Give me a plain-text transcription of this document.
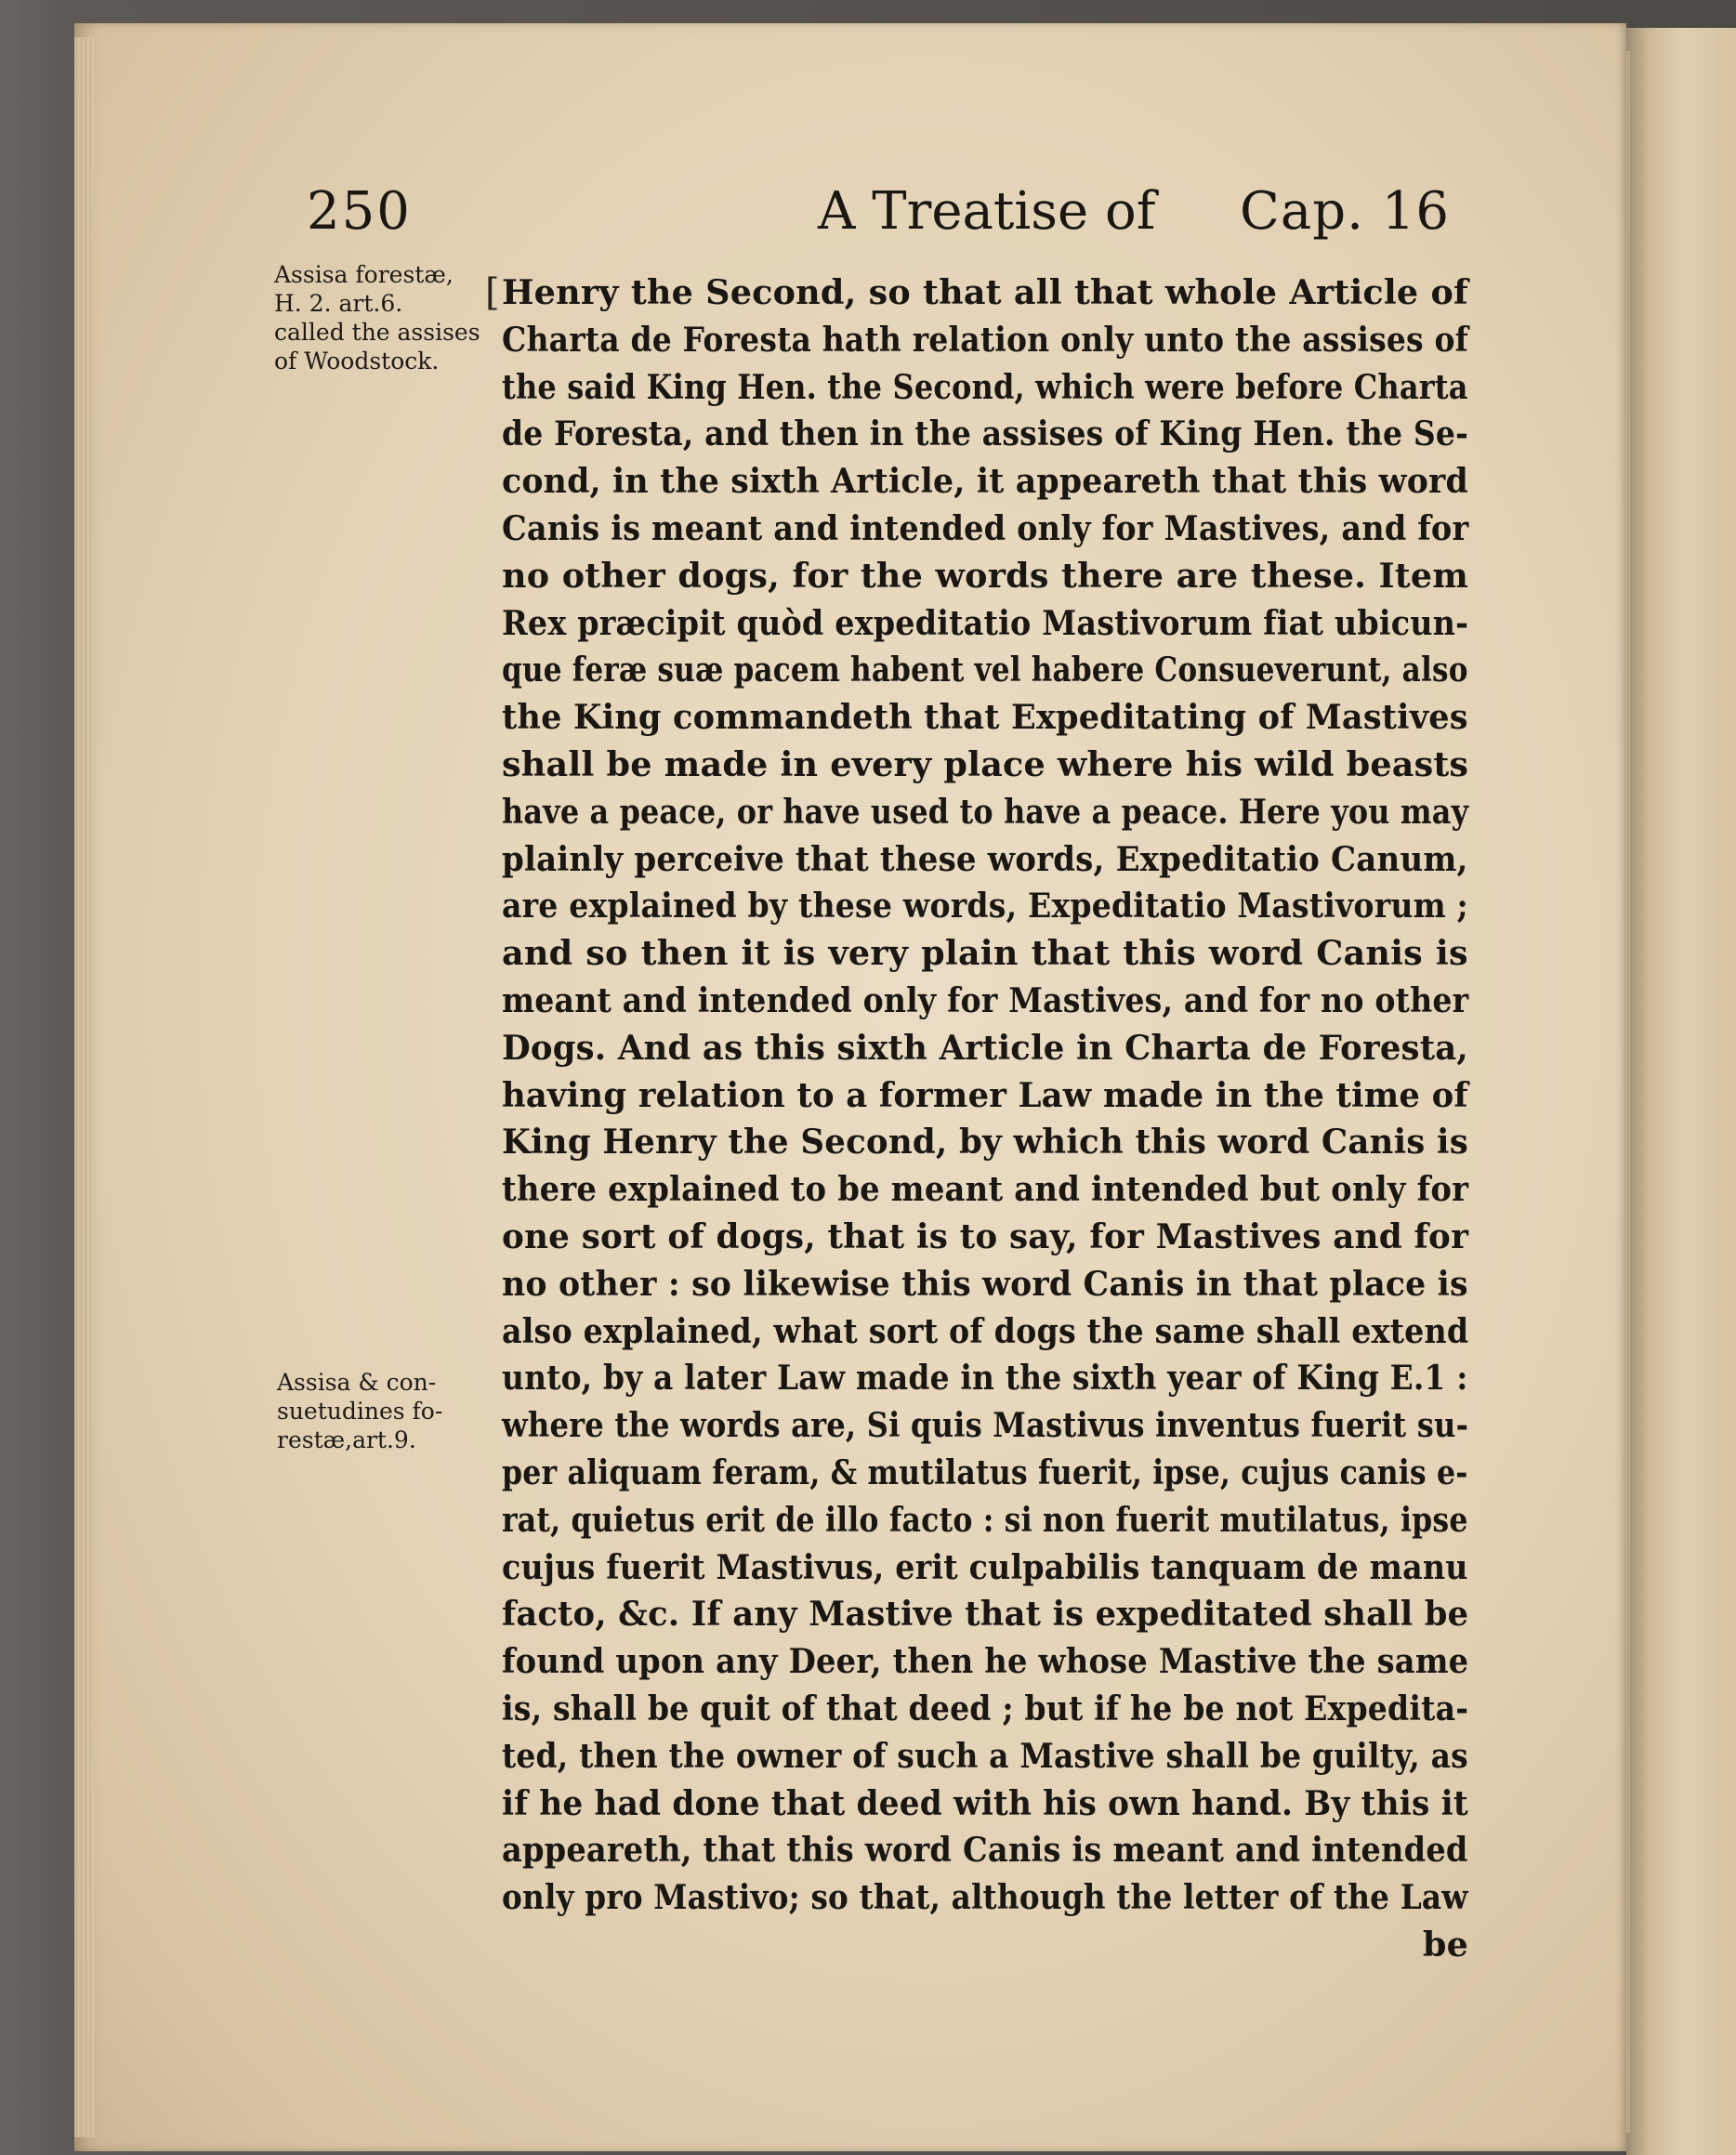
250	A Treatise of Cap. 16
Assisa forestæ,
H. 2. art.6.
called the assises
of Woodstock.
Assisa & con-
suetudines fo-
restæ,art.9.
[ Henry the Second, so that all that whole Article of
Charta de Foresta hath relation only unto the assises of
the said King Hen. the Second, which were before Charta
de Foresta, and then in the assises of King Hen. the Se-
cond, in the sixth Article, it appeareth that this word
Canis is meant and intended only for Mastives, and for
no other dogs, for the words there are these. Item
Rex præcipit quòd expeditatio Mastivorum fiat ubicun-
que feræ suæ pacem habent vel habere Consueverunt, also
the King commandeth that Expeditating of Mastives
shall be made in every place where his wild beasts
have a peace, or have used to have a peace. Here you may
plainly perceive that these words, Expeditatio Canum,
are explained by these words, Expeditatio Mastivorum ;
and so then it is very plain that this word Canis is
meant and intended only for Mastives, and for no other
Dogs. And as this sixth Article in Charta de Foresta,
having relation to a former Law made in the time of
King Henry the Second, by which this word Canis is
there explained to be meant and intended but only for
one sort of dogs, that is to say, for Mastives and for
no other : so likewise this word Canis in that place is
also explained, what sort of dogs the same shall extend
unto, by a later Law made in the sixth year of King E.1 :
where the words are, Si quis Mastivus inventus fuerit su-
per aliquam feram, & mutilatus fuerit, ipse, cujus canis e-
rat, quietus erit de illo facto : si non fuerit mutilatus, ipse
cujus fuerit Mastivus, erit culpabilis tanquam de manu
facto, &c. If any Mastive that is expeditated shall be
found upon any Deer, then he whose Mastive the same
is, shall be quit of that deed ; but if he be not Expedita-
ted, then the owner of such a Mastive shall be guilty, as
if he had done that deed with his own hand. By this it
appeareth, that this word Canis is meant and intended
only pro Mastivo; so that, although the letter of the Law
be
